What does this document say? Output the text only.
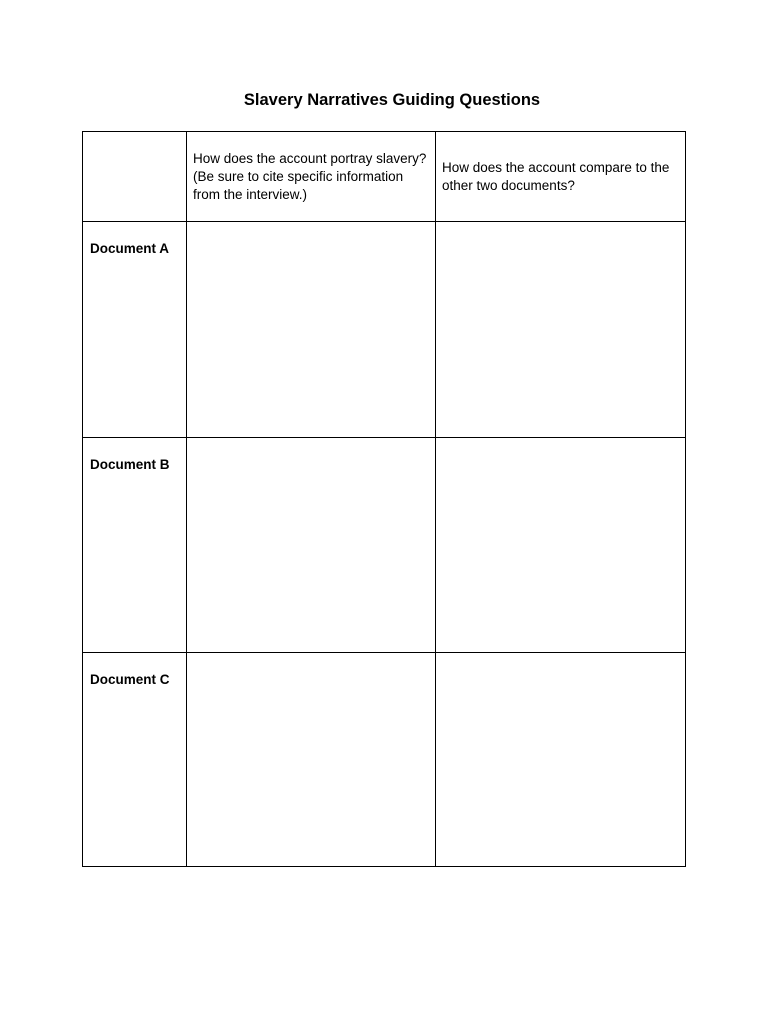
Slavery Narratives Guiding Questions

	How does the account portray slavery? (Be sure to cite specific information from the interview.)	How does the account compare to the other two documents?

Document A		

Document B		

Document C		
